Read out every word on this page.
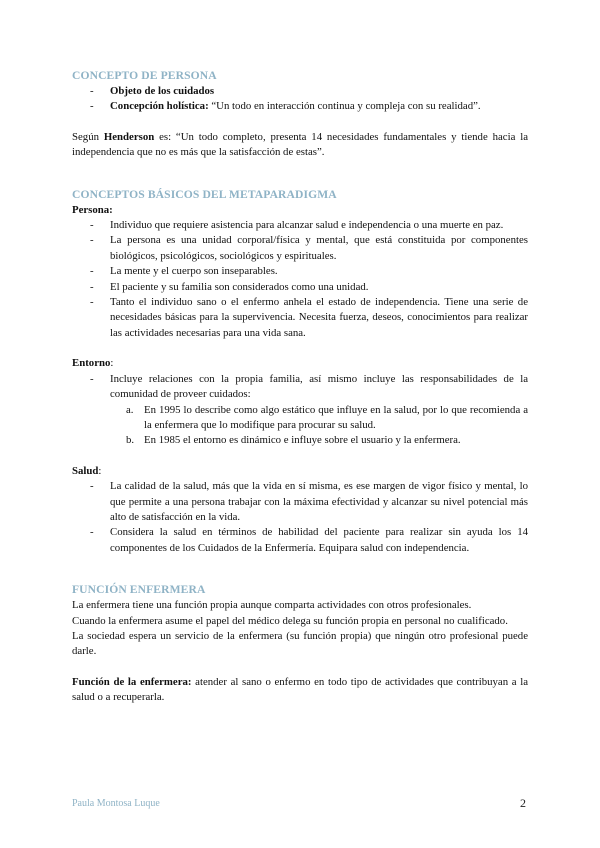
CONCEPTO DE PERSONA
- Objeto de los cuidados
- Concepción holística: “Un todo en interacción continua y compleja con su realidad”.

Según Henderson es: “Un todo completo, presenta 14 necesidades fundamentales y tiende hacia la independencia que no es más que la satisfacción de estas”.

CONCEPTOS BÁSICOS DEL METAPARADIGMA
Persona:
- Individuo que requiere asistencia para alcanzar salud e independencia o una muerte en paz.
- La persona es una unidad corporal/física y mental, que está constituida por componentes biológicos, psicológicos, sociológicos y espirituales.
- La mente y el cuerpo son inseparables.
- El paciente y su familia son considerados como una unidad.
- Tanto el individuo sano o el enfermo anhela el estado de independencia. Tiene una serie de necesidades básicas para la supervivencia. Necesita fuerza, deseos, conocimientos para realizar las actividades necesarias para una vida sana.
Entorno:
- Incluye relaciones con la propia familia, así mismo incluye las responsabilidades de la comunidad de proveer cuidados:
a. En 1995 lo describe como algo estático que influye en la salud, por lo que recomienda a la enfermera que lo modifique para procurar su salud.
b. En 1985 el entorno es dinámico e influye sobre el usuario y la enfermera.
Salud:
- La calidad de la salud, más que la vida en sí misma, es ese margen de vigor físico y mental, lo que permite a una persona trabajar con la máxima efectividad y alcanzar su nivel potencial más alto de satisfacción en la vida.
- Considera la salud en términos de habilidad del paciente para realizar sin ayuda los 14 componentes de los Cuidados de la Enfermería. Equipara salud con independencia.
FUNCIÓN ENFERMERA

La enfermera tiene una función propia aunque comparta actividades con otros profesionales.

Cuando la enfermera asume el papel del médico delega su función propia en personal no cualificado.

La sociedad espera un servicio de la enfermera (su función propia) que ningún otro profesional puede darle.

Función de la enfermera: atender al sano o enfermo en todo tipo de actividades que contribuyan a la salud o a recuperarla.

Paula Montosa Luque	2
